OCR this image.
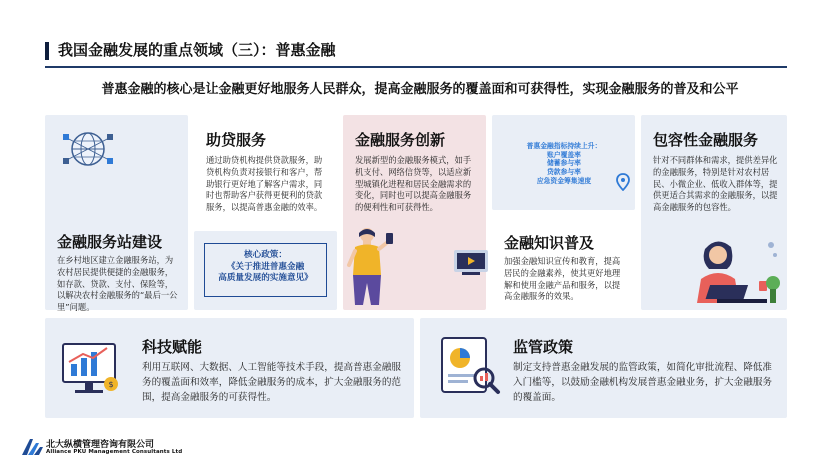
我国金融发展的重点领域（三）：普惠金融
普惠金融的核心是让金融更好地服务人民群众，提高金融服务的覆盖面和可获得性，实现金融服务的普及和公平
金融服务站建设
在乡村地区建立金融服务站，为农村居民提供便捷的金融服务，如存款、贷款、支付、保险等，以解决农村金融服务的“最后一公里”问题。
助贷服务
通过助贷机构提供贷款服务，助贷机构负责对接银行和客户，帮助银行更好地了解客户需求，同时也帮助客户获得更便利的贷款服务，以提高普惠金融的效率。
核心政策：
《关于推进普惠金融
高质量发展的实施意见》
金融服务创新
发展新型的金融服务模式，如手机支付、网络信贷等，以适应新型城镇化进程和居民金融需求的变化，同时也可以提高金融服务的便利性和可获得性。
普惠金融指标持续上升：
账户覆盖率
储蓄参与率
贷款参与率
应急资金筹集速度
金融知识普及
加强金融知识宣传和教育，提高居民的金融素养，使其更好地理解和使用金融产品和服务，以提高金融服务的效果。
包容性金融服务
针对不同群体和需求，提供差异化的金融服务，特别是针对农村居民、小微企业、低收入群体等，提供更适合其需求的金融服务，以提高金融服务的包容性。
$
科技赋能
利用互联网、大数据、人工智能等技术手段，提高普惠金融服务的覆盖面和效率，降低金融服务的成本，扩大金融服务的范围，提高金融服务的可获得性。
监管政策
制定支持普惠金融发展的监管政策，如简化审批流程、降低准入门槛等，以鼓励金融机构发展普惠金融业务，扩大金融服务的覆盖面。
北大纵横管理咨询有限公司
Alliance PKU Management Consultants Ltd
